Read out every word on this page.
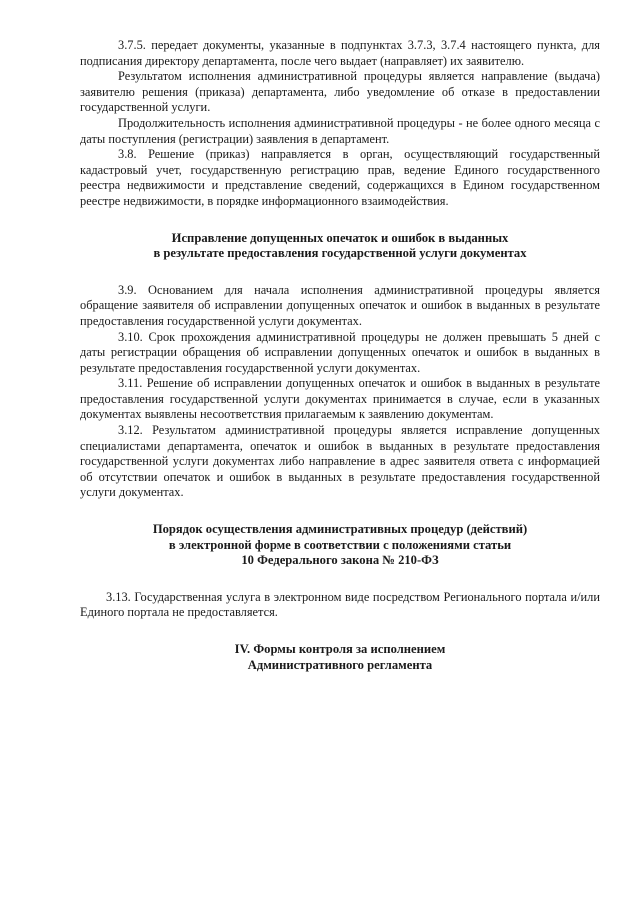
3.7.5. передает документы, указанные в подпунктах 3.7.3, 3.7.4 настоящего пункта, для подписания директору департамента, после чего выдает (направляет) их заявителю.

Результатом исполнения административной процедуры является направление (выдача) заявителю решения (приказа) департамента, либо уведомление об отказе в предоставлении государственной услуги.

Продолжительность исполнения административной процедуры - не более одного месяца с даты поступления (регистрации) заявления в департамент.

3.8. Решение (приказ) направляется в орган, осуществляющий государственный кадастровый учет, государственную регистрацию прав, ведение Единого государственного реестра недвижимости и представление сведений, содержащихся в Едином государственном реестре недвижимости, в порядке информационного взаимодействия.

Исправление допущенных опечаток и ошибок в выданных
в результате предоставления государственной услуги документах

3.9. Основанием для начала исполнения административной процедуры является обращение заявителя об исправлении допущенных опечаток и ошибок в выданных в результате предоставления государственной услуги документах.

3.10. Срок прохождения административной процедуры не должен превышать 5 дней с даты регистрации обращения об исправлении допущенных опечаток и ошибок в выданных в результате предоставления государственной услуги документах.

3.11. Решение об исправлении допущенных опечаток и ошибок в выданных в результате предоставления государственной услуги документах принимается в случае, если в указанных документах выявлены несоответствия прилагаемым к заявлению документам.

3.12. Результатом административной процедуры является исправление допущенных специалистами департамента, опечаток и ошибок в выданных в результате предоставления государственной услуги документах либо направление в адрес заявителя ответа с информацией об отсутствии опечаток и ошибок в выданных в результате предоставления государственной услуги документах.

Порядок осуществления административных процедур (действий)
в электронной форме в соответствии с положениями статьи
10 Федерального закона № 210-ФЗ

3.13. Государственная услуга в электронном виде посредством Регионального портала и/или Единого портала не предоставляется.

IV. Формы контроля за исполнением
Административного регламента
